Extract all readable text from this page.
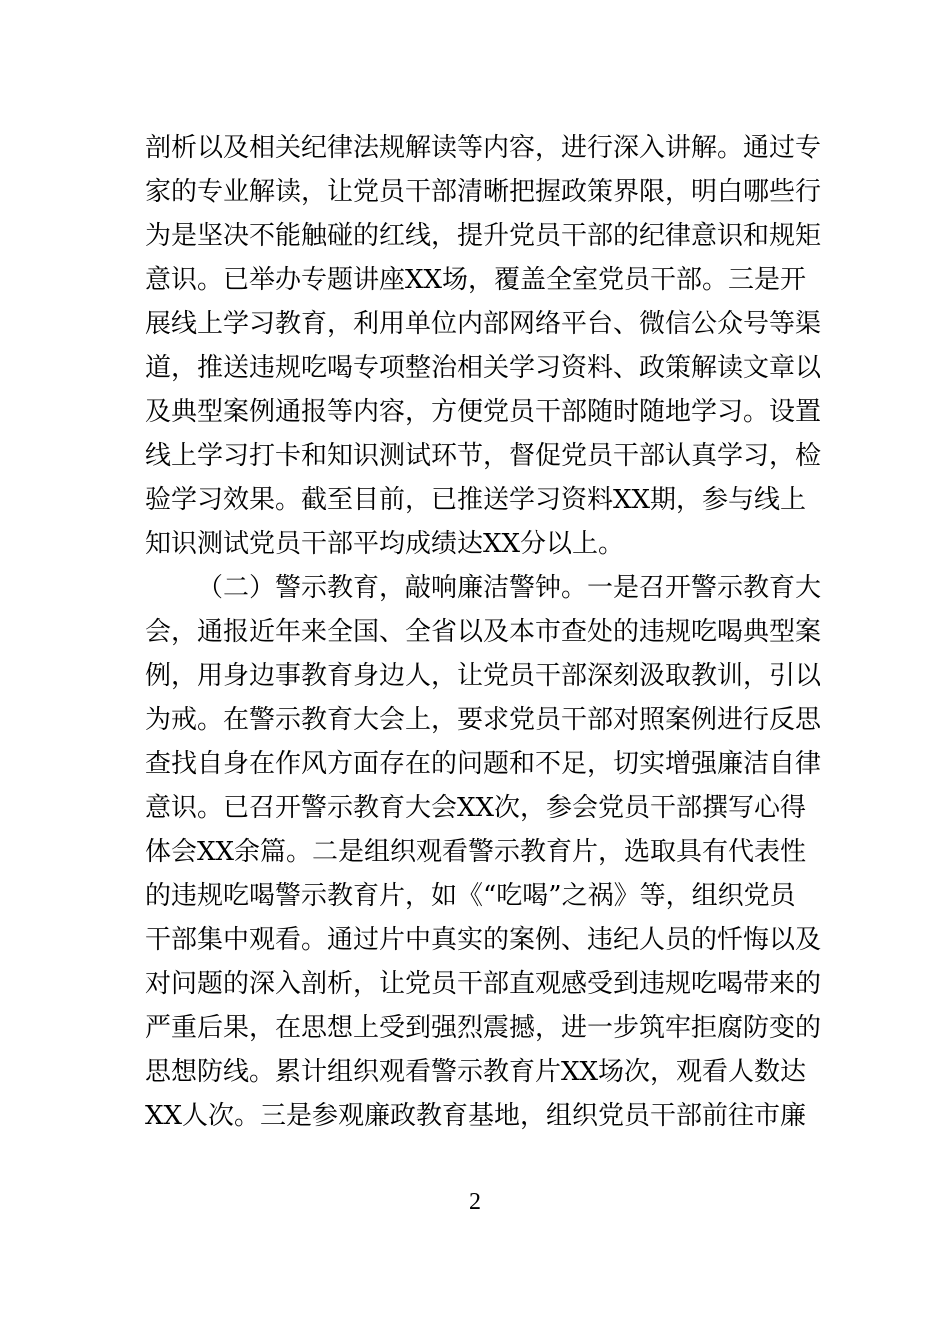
剖析以及相关纪律法规解读等内容，进行深入讲解。通过专
家的专业解读，让党员干部清晰把握政策界限，明白哪些行
为是坚决不能触碰的红线，提升党员干部的纪律意识和规矩
意识。已举办专题讲座XX场，覆盖全室党员干部。三是开
展线上学习教育，利用单位内部网络平台、微信公众号等渠
道，推送违规吃喝专项整治相关学习资料、政策解读文章以
及典型案例通报等内容，方便党员干部随时随地学习。设置
线上学习打卡和知识测试环节，督促党员干部认真学习，检
验学习效果。截至目前，已推送学习资料XX期，参与线上
知识测试党员干部平均成绩达XX分以上。
（二）警示教育，敲响廉洁警钟。一是召开警示教育大
会，通报近年来全国、全省以及本市查处的违规吃喝典型案
例，用身边事教育身边人，让党员干部深刻汲取教训，引以
为戒。在警示教育大会上，要求党员干部对照案例进行反思
查找自身在作风方面存在的问题和不足，切实增强廉洁自律
意识。已召开警示教育大会XX次，参会党员干部撰写心得
体会XX余篇。二是组织观看警示教育片，选取具有代表性
的违规吃喝警示教育片，如《“吃喝”之祸》等，组织党员
干部集中观看。通过片中真实的案例、违纪人员的忏悔以及
对问题的深入剖析，让党员干部直观感受到违规吃喝带来的
严重后果，在思想上受到强烈震撼，进一步筑牢拒腐防变的
思想防线。累计组织观看警示教育片XX场次，观看人数达
XX人次。三是参观廉政教育基地，组织党员干部前往市廉
2
